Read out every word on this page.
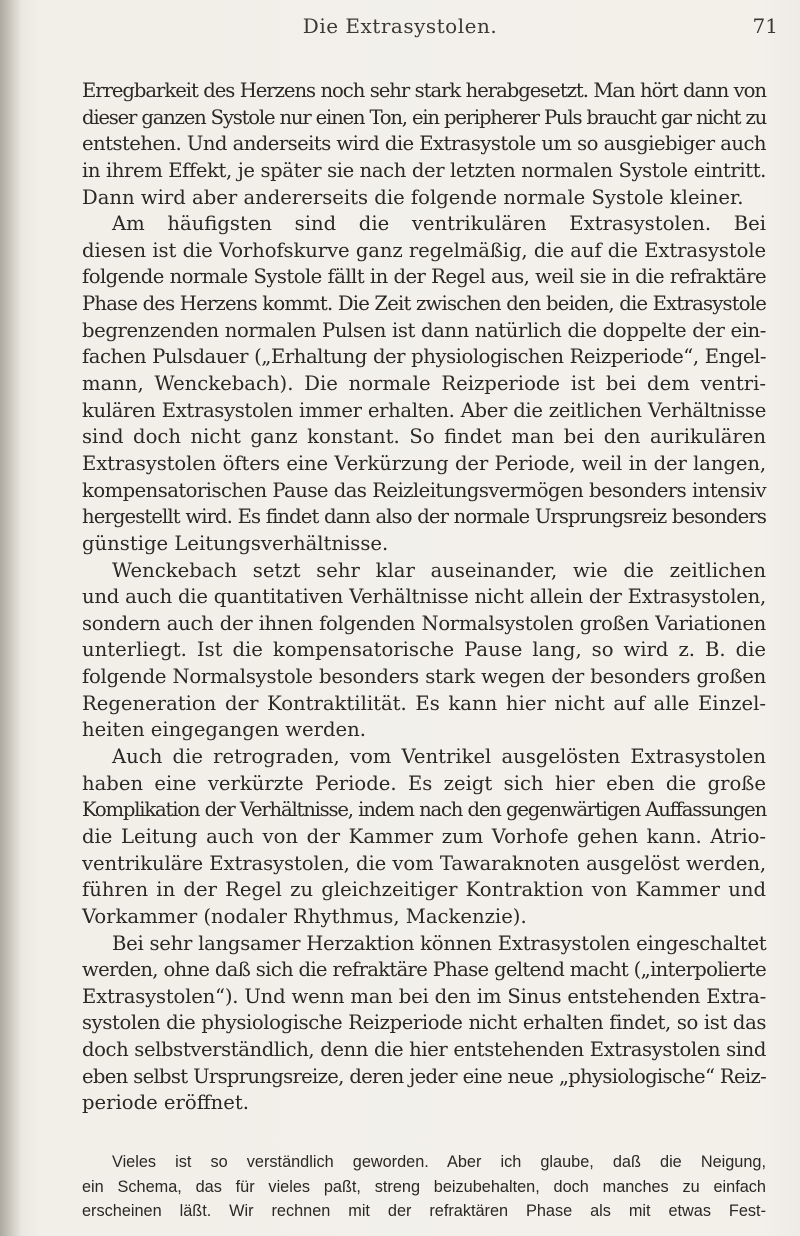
Die Extrasystolen.	71
Erregbarkeit des Herzens noch sehr stark herabgesetzt. Man hört dann von
dieser ganzen Systole nur einen Ton, ein peripherer Puls braucht gar nicht zu
entstehen. Und anderseits wird die Extrasystole um so ausgiebiger auch
in ihrem Effekt, je später sie nach der letzten normalen Systole eintritt.
Dann wird aber andererseits die folgende normale Systole kleiner.
Am häufigsten sind die ventrikulären Extrasystolen. Bei
diesen ist die Vorhofskurve ganz regelmäßig, die auf die Extrasystole
folgende normale Systole fällt in der Regel aus, weil sie in die refraktäre
Phase des Herzens kommt. Die Zeit zwischen den beiden, die Extrasystole
begrenzenden normalen Pulsen ist dann natürlich die doppelte der ein-
fachen Pulsdauer („Erhaltung der physiologischen Reizperiode“, Engel-
mann, Wenckebach). Die normale Reizperiode ist bei dem ventri-
kulären Extrasystolen immer erhalten. Aber die zeitlichen Verhältnisse
sind doch nicht ganz konstant. So findet man bei den aurikulären
Extrasystolen öfters eine Verkürzung der Periode, weil in der langen,
kompensatorischen Pause das Reizleitungsvermögen besonders intensiv
hergestellt wird. Es findet dann also der normale Ursprungsreiz besonders
günstige Leitungsverhältnisse.
Wenckebach setzt sehr klar auseinander, wie die zeitlichen
und auch die quantitativen Verhältnisse nicht allein der Extrasystolen,
sondern auch der ihnen folgenden Normalsystolen großen Variationen
unterliegt. Ist die kompensatorische Pause lang, so wird z. B. die
folgende Normalsystole besonders stark wegen der besonders großen
Regeneration der Kontraktilität. Es kann hier nicht auf alle Einzel-
heiten eingegangen werden.
Auch die retrograden, vom Ventrikel ausgelösten Extrasystolen
haben eine verkürzte Periode. Es zeigt sich hier eben die große
Komplikation der Verhältnisse, indem nach den gegenwärtigen Auffassungen
die Leitung auch von der Kammer zum Vorhofe gehen kann. Atrio-
ventrikuläre Extrasystolen, die vom Tawaraknoten ausgelöst werden,
führen in der Regel zu gleichzeitiger Kontraktion von Kammer und
Vorkammer (nodaler Rhythmus, Mackenzie).
Bei sehr langsamer Herzaktion können Extrasystolen eingeschaltet
werden, ohne daß sich die refraktäre Phase geltend macht („interpolierte
Extrasystolen“). Und wenn man bei den im Sinus entstehenden Extra-
systolen die physiologische Reizperiode nicht erhalten findet, so ist das
doch selbstverständlich, denn die hier entstehenden Extrasystolen sind
eben selbst Ursprungsreize, deren jeder eine neue „physiologische“ Reiz-
periode eröffnet.
Vieles ist so verständlich geworden. Aber ich glaube, daß die Neigung,
ein Schema, das für vieles paßt, streng beizubehalten, doch manches zu einfach
erscheinen läßt. Wir rechnen mit der refraktären Phase als mit etwas Fest-
